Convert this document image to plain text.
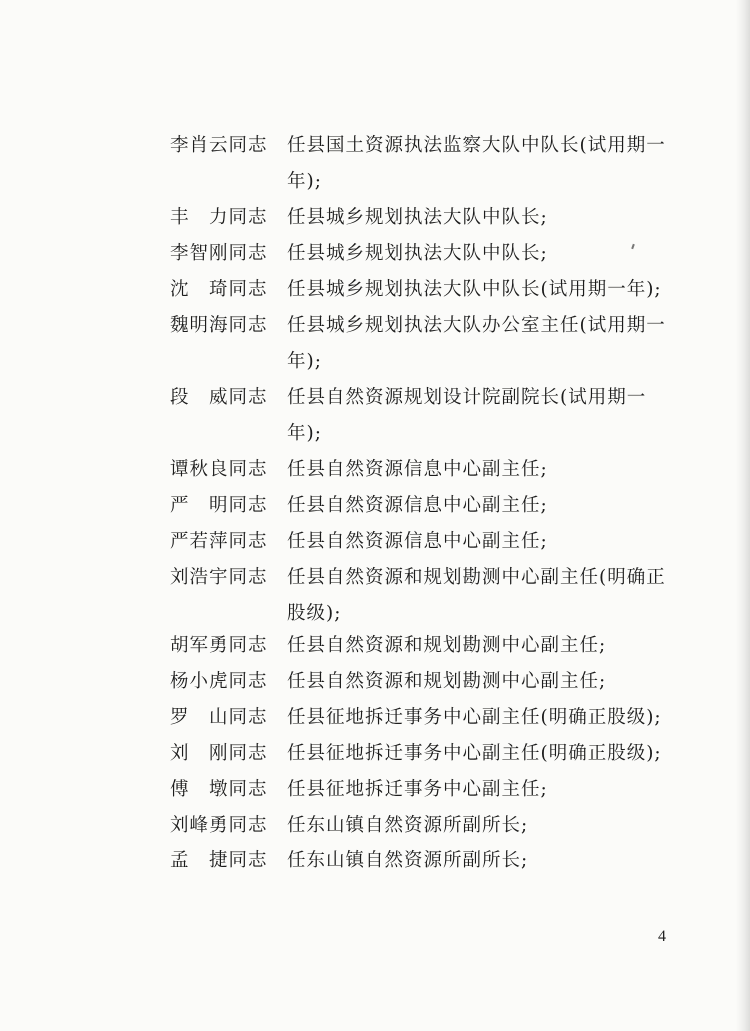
李肖云同志	任县国土资源执法监察大队中队长(试用期一年);
丰　力同志	任县城乡规划执法大队中队长;
李智刚同志	任县城乡规划执法大队中队长;
沈　琦同志	任县城乡规划执法大队中队长(试用期一年);
魏明海同志	任县城乡规划执法大队办公室主任(试用期一年);
段　威同志	任县自然资源规划设计院副院长(试用期一年);
谭秋良同志	任县自然资源信息中心副主任;
严　明同志	任县自然资源信息中心副主任;
严若萍同志	任县自然资源信息中心副主任;
刘浩宇同志	任县自然资源和规划勘测中心副主任(明确正股级);
胡军勇同志	任县自然资源和规划勘测中心副主任;
杨小虎同志	任县自然资源和规划勘测中心副主任;
罗　山同志	任县征地拆迁事务中心副主任(明确正股级);
刘　刚同志	任县征地拆迁事务中心副主任(明确正股级);
傅　墩同志	任县征地拆迁事务中心副主任;
刘峰勇同志	任东山镇自然资源所副所长;
孟　捷同志	任东山镇自然资源所副所长;
4
